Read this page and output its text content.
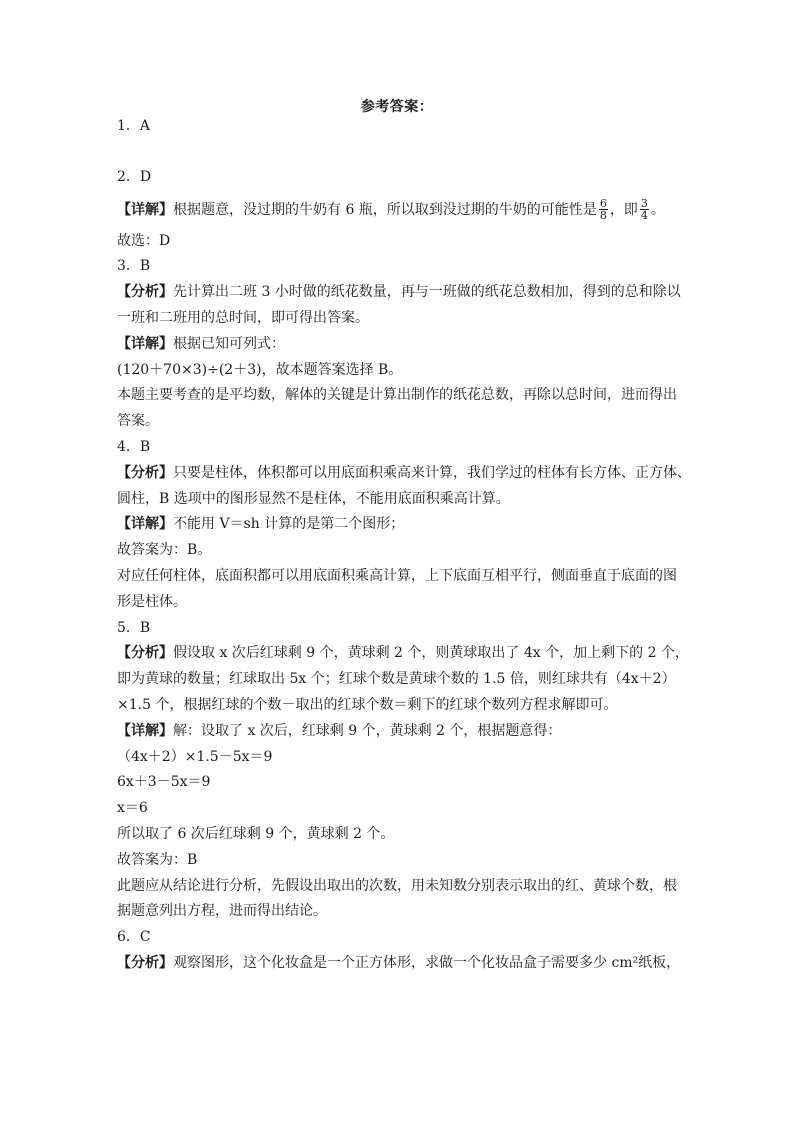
参考答案：
1．A
2．D
【详解】根据题意，没过期的牛奶有 6 瓶，所以取到没过期的牛奶的可能性是 $\frac{6}{8}$ ，即 $\frac{3}{4}$ 。
故选：D
3．B
【分析】先计算出二班 3 小时做的纸花数量，再与一班做的纸花总数相加，得到的总和除以
一班和二班用的总时间，即可得出答案。
【详解】根据已知可列式：
(120＋70×3)÷(2＋3)，故本题答案选择 B。
本题主要考查的是平均数，解体的关键是计算出制作的纸花总数，再除以总时间，进而得出
答案。
4．B
【分析】只要是柱体，体积都可以用底面积乘高来计算，我们学过的柱体有长方体、正方体、
圆柱，B 选项中的图形显然不是柱体，不能用底面积乘高计算。
【详解】不能用 V＝sh 计算的是第二个图形；
故答案为：B。
对应任何柱体，底面积都可以用底面积乘高计算，上下底面互相平行，侧面垂直于底面的图
形是柱体。
5．B
【分析】假设取 x 次后红球剩 9 个，黄球剩 2 个，则黄球取出了 4x 个，加上剩下的 2 个，
即为黄球的数量；红球取出 5x 个；红球个数是黄球个数的 1.5 倍，则红球共有（4x＋2）
×1.5 个，根据红球的个数－取出的红球个数＝剩下的红球个数列方程求解即可。
【详解】解：设取了 x 次后，红球剩 9 个，黄球剩 2 个，根据题意得：
（4x＋2）×1.5－5x＝9
6x＋3－5x＝9
x＝6
所以取了 6 次后红球剩 9 个，黄球剩 2 个。
故答案为：B
此题应从结论进行分析，先假设出取出的次数，用未知数分别表示取出的红、黄球个数，根
据题意列出方程，进而得出结论。
6．C
【分析】观察图形，这个化妆盒是一个正方体形，求做一个化妆品盒子需要多少 cm²纸板，
